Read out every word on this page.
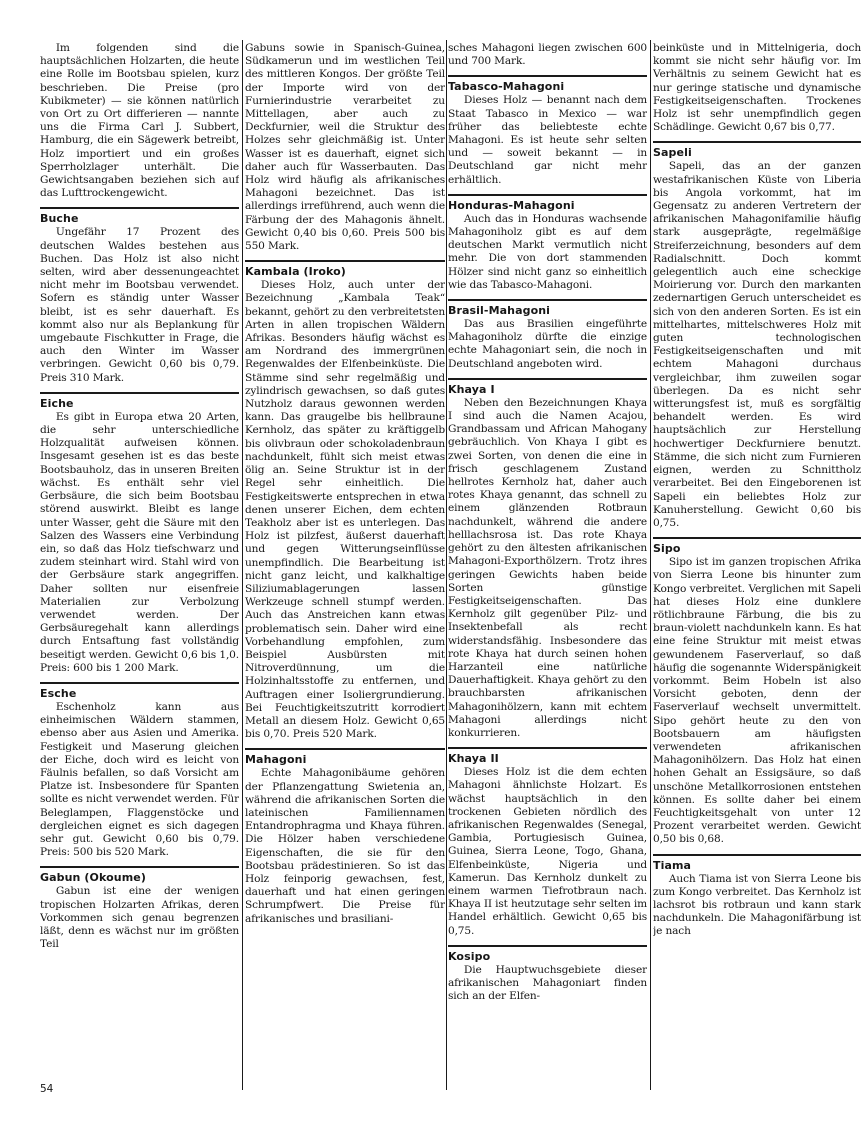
Im folgenden sind die hauptsächlichen Holzarten, die heute eine Rolle im Bootsbau spielen, kurz beschrieben. Die Preise (pro Kubikmeter) — sie können natürlich von Ort zu Ort differieren — nannte uns die Firma Carl J. Subbert, Hamburg, die ein Sägewerk betreibt, Holz importiert und ein großes Sperrholzlager unterhält. Die Gewichtsangaben beziehen sich auf das Lufttrockengewicht.

Buche

Ungefähr 17 Prozent des deutschen Waldes bestehen aus Buchen. Das Holz ist also nicht selten, wird aber dessenungeachtet nicht mehr im Bootsbau verwendet. Sofern es ständig unter Wasser bleibt, ist es sehr dauerhaft. Es kommt also nur als Beplankung für umgebaute Fischkutter in Frage, die auch den Winter im Wasser verbringen. Gewicht 0,60 bis 0,79. Preis 310 Mark.

Eiche

Es gibt in Europa etwa 20 Arten, die sehr unterschiedliche Holzqualität aufweisen können. Insgesamt gesehen ist es das beste Bootsbauholz, das in unseren Breiten wächst. Es enthält sehr viel Gerbsäure, die sich beim Bootsbau störend auswirkt. Bleibt es lange unter Wasser, geht die Säure mit den Salzen des Wassers eine Verbindung ein, so daß das Holz tiefschwarz und zudem steinhart wird. Stahl wird von der Gerbsäure stark angegriffen. Daher sollten nur eisenfreie Materialien zur Verbolzung verwendet werden. Der Gerbsäuregehalt kann allerdings durch Entsaftung fast vollständig beseitigt werden. Gewicht 0,6 bis 1,0. Preis: 600 bis 1 200 Mark.

Esche

Eschenholz kann aus einheimischen Wäldern stammen, ebenso aber aus Asien und Amerika. Festigkeit und Maserung gleichen der Eiche, doch wird es leicht von Fäulnis befallen, so daß Vorsicht am Platze ist. Insbesondere für Spanten sollte es nicht verwendet werden. Für Beleglampen, Flaggenstöcke und dergleichen eignet es sich dagegen sehr gut. Gewicht 0,60 bis 0,79. Preis: 500 bis 520 Mark.

Gabun (Okoume)

Gabun ist eine der wenigen tropischen Holzarten Afrikas, deren Vorkommen sich genau begrenzen läßt, denn es wächst nur im größten Teil

Gabuns sowie in Spanisch-Guinea, Südkamerun und im westlichen Teil des mittleren Kongos. Der größte Teil der Importe wird von der Furnierindustrie verarbeitet zu Mittellagen, aber auch zu Deckfurnier, weil die Struktur des Holzes sehr gleichmäßig ist. Unter Wasser ist es dauerhaft, eignet sich daher auch für Wasserbauten. Das Holz wird häufig als afrikanisches Mahagoni bezeichnet. Das ist allerdings irreführend, auch wenn die Färbung der des Mahagonis ähnelt. Gewicht 0,40 bis 0,60. Preis 500 bis 550 Mark.

Kambala (Iroko)

Dieses Holz, auch unter der Bezeichnung „Kambala Teak“ bekannt, gehört zu den verbreitetsten Arten in allen tropischen Wäldern Afrikas. Besonders häufig wächst es am Nordrand des immergrünen Regenwaldes der Elfenbeinküste. Die Stämme sind sehr regelmäßig und zylindrisch gewachsen, so daß gutes Nutzholz daraus gewonnen werden kann. Das graugelbe bis hellbraune Kernholz, das später zu kräftiggelb bis olivbraun oder schokoladenbraun nachdunkelt, fühlt sich meist etwas ölig an. Seine Struktur ist in der Regel sehr einheitlich. Die Festigkeitswerte entsprechen in etwa denen unserer Eichen, dem echten Teakholz aber ist es unterlegen. Das Holz ist pilzfest, äußerst dauerhaft und gegen Witterungseinflüsse unempfindlich. Die Bearbeitung ist nicht ganz leicht, und kalkhaltige Siliziumablagerungen lassen Werkzeuge schnell stumpf werden. Auch das Anstreichen kann etwas problematisch sein. Daher wird eine Vorbehandlung empfohlen, zum Beispiel Ausbürsten mit Nitroverdünnung, um die Holzinhaltsstoffe zu entfernen, und Auftragen einer Isoliergrundierung. Bei Feuchtigkeitszutritt korrodiert Metall an diesem Holz. Gewicht 0,65 bis 0,70. Preis 520 Mark.

Mahagoni

Echte Mahagonibäume gehören der Pflanzengattung Swietenia an, während die afrikanischen Sorten die lateinischen Familiennamen Entandrophragma und Khaya führen. Die Hölzer haben verschiedene Eigenschaften, die sie für den Bootsbau prädestinieren. So ist das Holz feinporig gewachsen, fest, dauerhaft und hat einen geringen Schrumpfwert. Die Preise für afrikanisches und brasiliani-

sches Mahagoni liegen zwischen 600 und 700 Mark.

Tabasco-Mahagoni

Dieses Holz — benannt nach dem Staat Tabasco in Mexico — war früher das beliebteste echte Mahagoni. Es ist heute sehr selten und — soweit bekannt — in Deutschland gar nicht mehr erhältlich.

Honduras-Mahagoni

Auch das in Honduras wachsende Mahagoniholz gibt es auf dem deutschen Markt vermutlich nicht mehr. Die von dort stammenden Hölzer sind nicht ganz so einheitlich wie das Tabasco-Mahagoni.

Brasil-Mahagoni

Das aus Brasilien eingeführte Mahagoniholz dürfte die einzige echte Mahagoniart sein, die noch in Deutschland angeboten wird.

Khaya I

Neben den Bezeichnungen Khaya I sind auch die Namen Acajou, Grandbassam und African Mahogany gebräuchlich. Von Khaya I gibt es zwei Sorten, von denen die eine in frisch geschlagenem Zustand hellrotes Kernholz hat, daher auch rotes Khaya genannt, das schnell zu einem glänzenden Rotbraun nachdunkelt, während die andere helllachsrosa ist. Das rote Khaya gehört zu den ältesten afrikanischen Mahagoni-Exporthölzern. Trotz ihres geringen Gewichts haben beide Sorten günstige Festigkeitseigenschaften. Das Kernholz gilt gegenüber Pilz- und Insektenbefall als recht widerstandsfähig. Insbesondere das rote Khaya hat durch seinen hohen Harzanteil eine natürliche Dauerhaftigkeit. Khaya gehört zu den brauchbarsten afrikanischen Mahagonihölzern, kann mit echtem Mahagoni allerdings nicht konkurrieren.

Khaya II

Dieses Holz ist die dem echten Mahagoni ähnlichste Holzart. Es wächst hauptsächlich in den trockenen Gebieten nördlich des afrikanischen Regenwaldes (Senegal, Gambia, Portugiesisch Guinea, Guinea, Sierra Leone, Togo, Ghana, Elfenbeinküste, Nigeria und Kamerun. Das Kernholz dunkelt zu einem warmen Tiefrotbraun nach. Khaya II ist heutzutage sehr selten im Handel erhältlich. Gewicht 0,65 bis 0,75.

Kosipo

Die Hauptwuchsgebiete dieser afrikanischen Mahagoniart finden sich an der Elfen-

beinküste und in Mittelnigeria, doch kommt sie nicht sehr häufig vor. Im Verhältnis zu seinem Gewicht hat es nur geringe statische und dynamische Festigkeitseigenschaften. Trockenes Holz ist sehr unempfindlich gegen Schädlinge. Gewicht 0,67 bis 0,77.

Sapeli

Sapeli, das an der ganzen westafrikanischen Küste von Liberia bis Angola vorkommt, hat im Gegensatz zu anderen Vertretern der afrikanischen Mahagonifamilie häufig stark ausgeprägte, regelmäßige Streiferzeichnung, besonders auf dem Radialschnitt. Doch kommt gelegentlich auch eine scheckige Moirierung vor. Durch den markanten zedernartigen Geruch unterscheidet es sich von den anderen Sorten. Es ist ein mittelhartes, mittelschweres Holz mit guten technologischen Festigkeitseigenschaften und mit echtem Mahagoni durchaus vergleichbar, ihm zuweilen sogar überlegen. Da es nicht sehr witterungsfest ist, muß es sorgfältig behandelt werden. Es wird hauptsächlich zur Herstellung hochwertiger Deckfurniere benutzt. Stämme, die sich nicht zum Furnieren eignen, werden zu Schnittholz verarbeitet. Bei den Eingeborenen ist Sapeli ein beliebtes Holz zur Kanuherstellung. Gewicht 0,60 bis 0,75.

Sipo

Sipo ist im ganzen tropischen Afrika von Sierra Leone bis hinunter zum Kongo verbreitet. Verglichen mit Sapeli hat dieses Holz eine dunklere rötlichbraune Färbung, die bis zu braun-violett nachdunkeln kann. Es hat eine feine Struktur mit meist etwas gewundenem Faserverlauf, so daß häufig die sogenannte Widerspänigkeit vorkommt. Beim Hobeln ist also Vorsicht geboten, denn der Faserverlauf wechselt unvermittelt. Sipo gehört heute zu den von Bootsbauern am häufigsten verwendeten afrikanischen Mahagonihölzern. Das Holz hat einen hohen Gehalt an Essigsäure, so daß unschöne Metallkorrosionen entstehen können. Es sollte daher bei einem Feuchtigkeitsgehalt von unter 12 Prozent verarbeitet werden. Gewicht 0,50 bis 0,68.

Tiama

Auch Tiama ist von Sierra Leone bis zum Kongo verbreitet. Das Kernholz ist lachsrot bis rotbraun und kann stark nachdunkeln. Die Mahagonifärbung ist je nach

54
